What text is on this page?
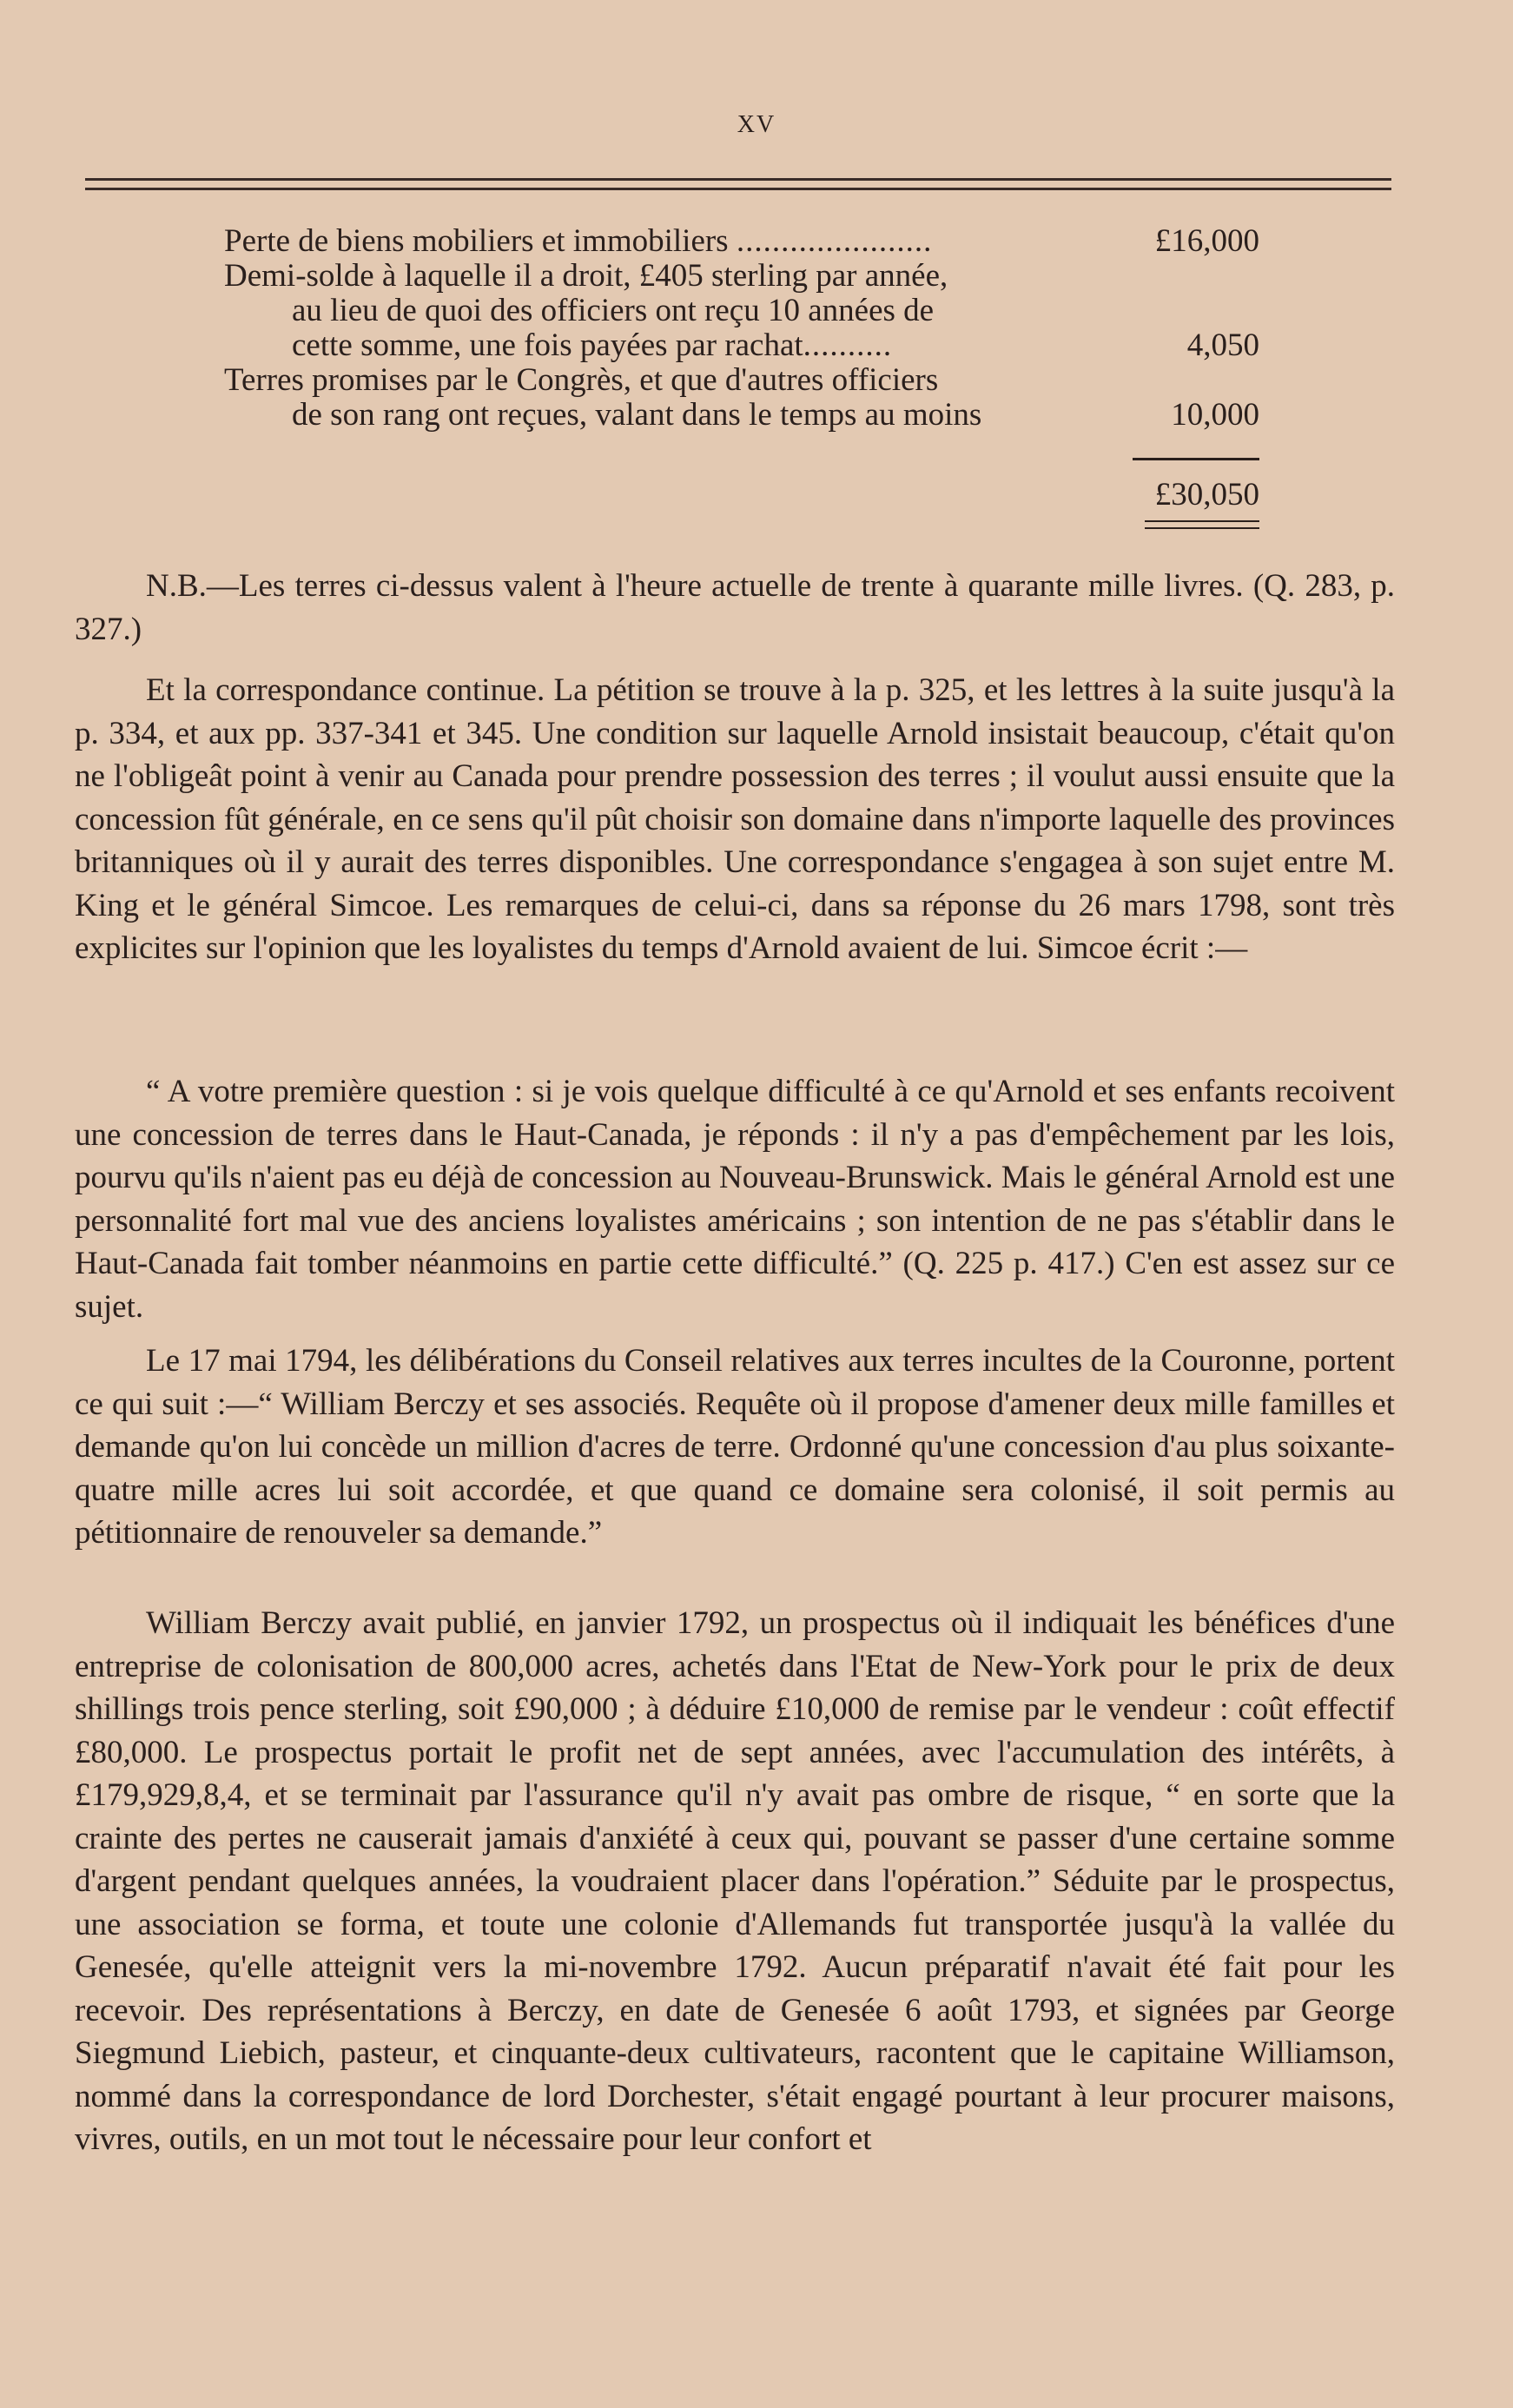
XV
Perte de biens mobiliers et immobiliers ......................	£16,000
Demi-solde à laquelle il a droit, £405 sterling par année,
au lieu de quoi des officiers ont reçu 10 années de
cette somme, une fois payées par rachat..........	4,050
Terres promises par le Congrès, et que d'autres officiers
de son rang ont reçues, valant dans le temps au moins	10,000
£30,050

N.B.—Les terres ci-dessus valent à l'heure actuelle de trente à quarante mille livres. (Q. 283, p. 327.)

Et la correspondance continue. La pétition se trouve à la p. 325, et les lettres à la suite jusqu'à la p. 334, et aux pp. 337-341 et 345. Une condition sur laquelle Arnold insistait beaucoup, c'était qu'on ne l'obligeât point à venir au Canada pour prendre possession des terres ; il voulut aussi ensuite que la concession fût générale, en ce sens qu'il pût choisir son domaine dans n'importe laquelle des provinces britanniques où il y aurait des terres disponibles. Une correspondance s'engagea à son sujet entre M. King et le général Simcoe. Les remarques de celui-ci, dans sa réponse du 26 mars 1798, sont très explicites sur l'opinion que les loyalistes du temps d'Arnold avaient de lui. Simcoe écrit :—

“ A votre première question : si je vois quelque difficulté à ce qu'Arnold et ses enfants recoivent une concession de terres dans le Haut-Canada, je réponds : il n'y a pas d'empêchement par les lois, pourvu qu'ils n'aient pas eu déjà de concession au Nouveau-Brunswick. Mais le général Arnold est une personnalité fort mal vue des anciens loyalistes américains ; son intention de ne pas s'établir dans le Haut-Canada fait tomber néanmoins en partie cette difficulté.” (Q. 225 p. 417.) C'en est assez sur ce sujet.

Le 17 mai 1794, les délibérations du Conseil relatives aux terres incultes de la Couronne, portent ce qui suit :—“ William Berczy et ses associés. Requête où il propose d'amener deux mille familles et demande qu'on lui concède un million d'acres de terre. Ordonné qu'une concession d'au plus soixante-quatre mille acres lui soit accordée, et que quand ce domaine sera colonisé, il soit permis au pétitionnaire de renouveler sa demande.”

William Berczy avait publié, en janvier 1792, un prospectus où il indiquait les bénéfices d'une entreprise de colonisation de 800,000 acres, achetés dans l'Etat de New-York pour le prix de deux shillings trois pence sterling, soit £90,000 ; à déduire £10,000 de remise par le vendeur : coût effectif £80,000. Le prospectus portait le profit net de sept années, avec l'accumulation des intérêts, à £179,929,8,4, et se terminait par l'assurance qu'il n'y avait pas ombre de risque, “ en sorte que la crainte des pertes ne causerait jamais d'anxiété à ceux qui, pouvant se passer d'une certaine somme d'argent pendant quelques années, la voudraient placer dans l'opération.” Séduite par le prospectus, une association se forma, et toute une colonie d'Allemands fut transportée jusqu'à la vallée du Genesée, qu'elle atteignit vers la mi-novembre 1792. Aucun préparatif n'avait été fait pour les recevoir. Des représentations à Berczy, en date de Genesée 6 août 1793, et signées par George Siegmund Liebich, pasteur, et cinquante-deux cultivateurs, racontent que le capitaine Williamson, nommé dans la correspondance de lord Dorchester, s'était engagé pourtant à leur procurer maisons, vivres, outils, en un mot tout le nécessaire pour leur confort et
